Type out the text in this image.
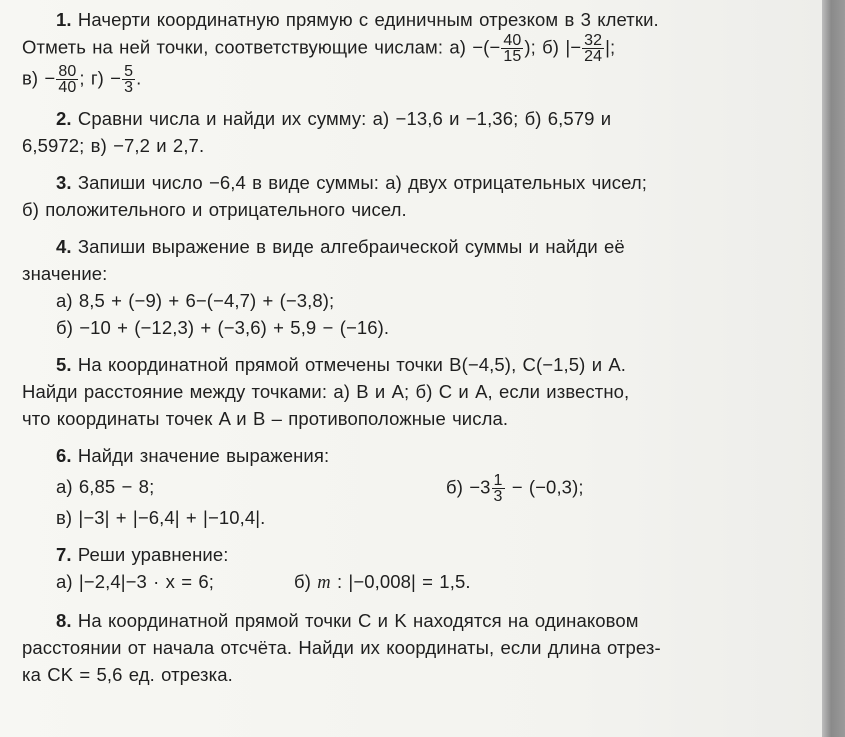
1. Начерти координатную прямую с единичным отрезком в 3 клетки.
Отметь на ней точки, соответствующие числам: а) −(− $\frac{40}{15}$ ); б) |− $\frac{32}{24}$ |;
$в) - \frac{80}{40}$ ; $г) - \frac{5}{3}$ .
2. Сравни числа и найди их сумму: а) −13,6 и −1,36; б) 6,579 и
6,5972; в) −7,2 и 2,7.
3. Запиши число −6,4 в виде суммы: а) двух отрицательных чисел;
б) положительного и отрицательного чисел.
4. Запиши выражение в виде алгебраической суммы и найди её
значение:
а) 8,5 + (−9) + 6−(−4,7) + (−3,8);
б) −10 + (−12,3) + (−3,6) + 5,9 − (−16).
5. На координатной прямой отмечены точки B(−4,5), C(−1,5) и A.
Найди расстояние между точками: а) B и A; б) C и A, если известно,
что координаты точек A и B – противоположные числа.
6. Найди значение выражения:
а) 6,85 − 8;	$б) -3 \frac{1}{3} - (-0,3)$;
в) |−3| + |−6,4| + |−10,4|.
7. Реши уравнение:
а) |−2,4|−3 · x = 6;	б) m : |−0,008| = 1,5.
8. На координатной прямой точки C и K находятся на одинаковом
расстоянии от начала отсчёта. Найди их координаты, если длина отрез-
ка CK = 5,6 ед. отрезка.
